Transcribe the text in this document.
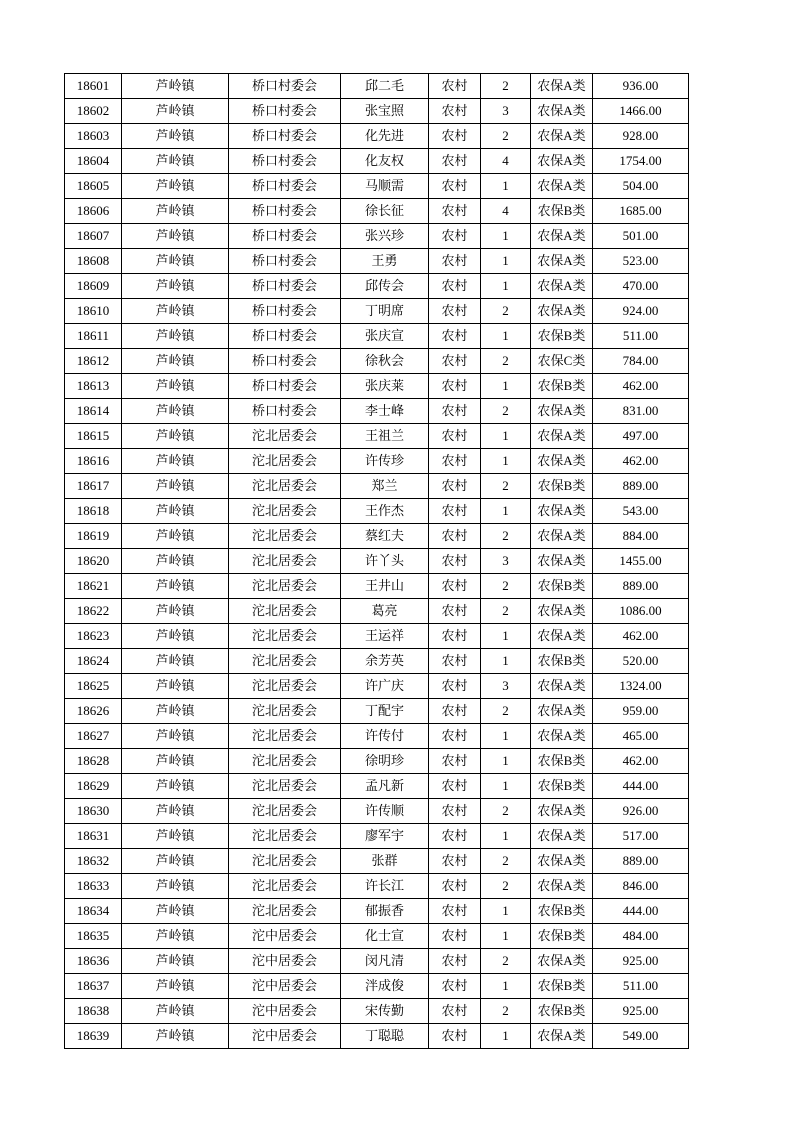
18601	芦岭镇	桥口村委会	邱二毛	农村	2	农保A类	936.00
18602	芦岭镇	桥口村委会	张宝照	农村	3	农保A类	1466.00
18603	芦岭镇	桥口村委会	化先进	农村	2	农保A类	928.00
18604	芦岭镇	桥口村委会	化友权	农村	4	农保A类	1754.00
18605	芦岭镇	桥口村委会	马顺需	农村	1	农保A类	504.00
18606	芦岭镇	桥口村委会	徐长征	农村	4	农保B类	1685.00
18607	芦岭镇	桥口村委会	张兴珍	农村	1	农保A类	501.00
18608	芦岭镇	桥口村委会	王勇	农村	1	农保A类	523.00
18609	芦岭镇	桥口村委会	邱传会	农村	1	农保A类	470.00
18610	芦岭镇	桥口村委会	丁明席	农村	2	农保A类	924.00
18611	芦岭镇	桥口村委会	张庆宣	农村	1	农保B类	511.00
18612	芦岭镇	桥口村委会	徐秋会	农村	2	农保C类	784.00
18613	芦岭镇	桥口村委会	张庆莱	农村	1	农保B类	462.00
18614	芦岭镇	桥口村委会	李士峰	农村	2	农保A类	831.00
18615	芦岭镇	沱北居委会	王祖兰	农村	1	农保A类	497.00
18616	芦岭镇	沱北居委会	许传珍	农村	1	农保A类	462.00
18617	芦岭镇	沱北居委会	郑兰	农村	2	农保B类	889.00
18618	芦岭镇	沱北居委会	王作杰	农村	1	农保A类	543.00
18619	芦岭镇	沱北居委会	蔡红夫	农村	2	农保A类	884.00
18620	芦岭镇	沱北居委会	许丫头	农村	3	农保A类	1455.00
18621	芦岭镇	沱北居委会	王井山	农村	2	农保B类	889.00
18622	芦岭镇	沱北居委会	葛亮	农村	2	农保A类	1086.00
18623	芦岭镇	沱北居委会	王运祥	农村	1	农保A类	462.00
18624	芦岭镇	沱北居委会	余芳英	农村	1	农保B类	520.00
18625	芦岭镇	沱北居委会	许广庆	农村	3	农保A类	1324.00
18626	芦岭镇	沱北居委会	丁配宇	农村	2	农保A类	959.00
18627	芦岭镇	沱北居委会	许传付	农村	1	农保A类	465.00
18628	芦岭镇	沱北居委会	徐明珍	农村	1	农保B类	462.00
18629	芦岭镇	沱北居委会	孟凡新	农村	1	农保B类	444.00
18630	芦岭镇	沱北居委会	许传顺	农村	2	农保A类	926.00
18631	芦岭镇	沱北居委会	廖军宇	农村	1	农保A类	517.00
18632	芦岭镇	沱北居委会	张群	农村	2	农保A类	889.00
18633	芦岭镇	沱北居委会	许长江	农村	2	农保A类	846.00
18634	芦岭镇	沱北居委会	郁振香	农村	1	农保B类	444.00
18635	芦岭镇	沱中居委会	化士宣	农村	1	农保B类	484.00
18636	芦岭镇	沱中居委会	闵凡清	农村	2	农保A类	925.00
18637	芦岭镇	沱中居委会	泮成俊	农村	1	农保B类	511.00
18638	芦岭镇	沱中居委会	宋传勤	农村	2	农保B类	925.00
18639	芦岭镇	沱中居委会	丁聪聪	农村	1	农保A类	549.00
